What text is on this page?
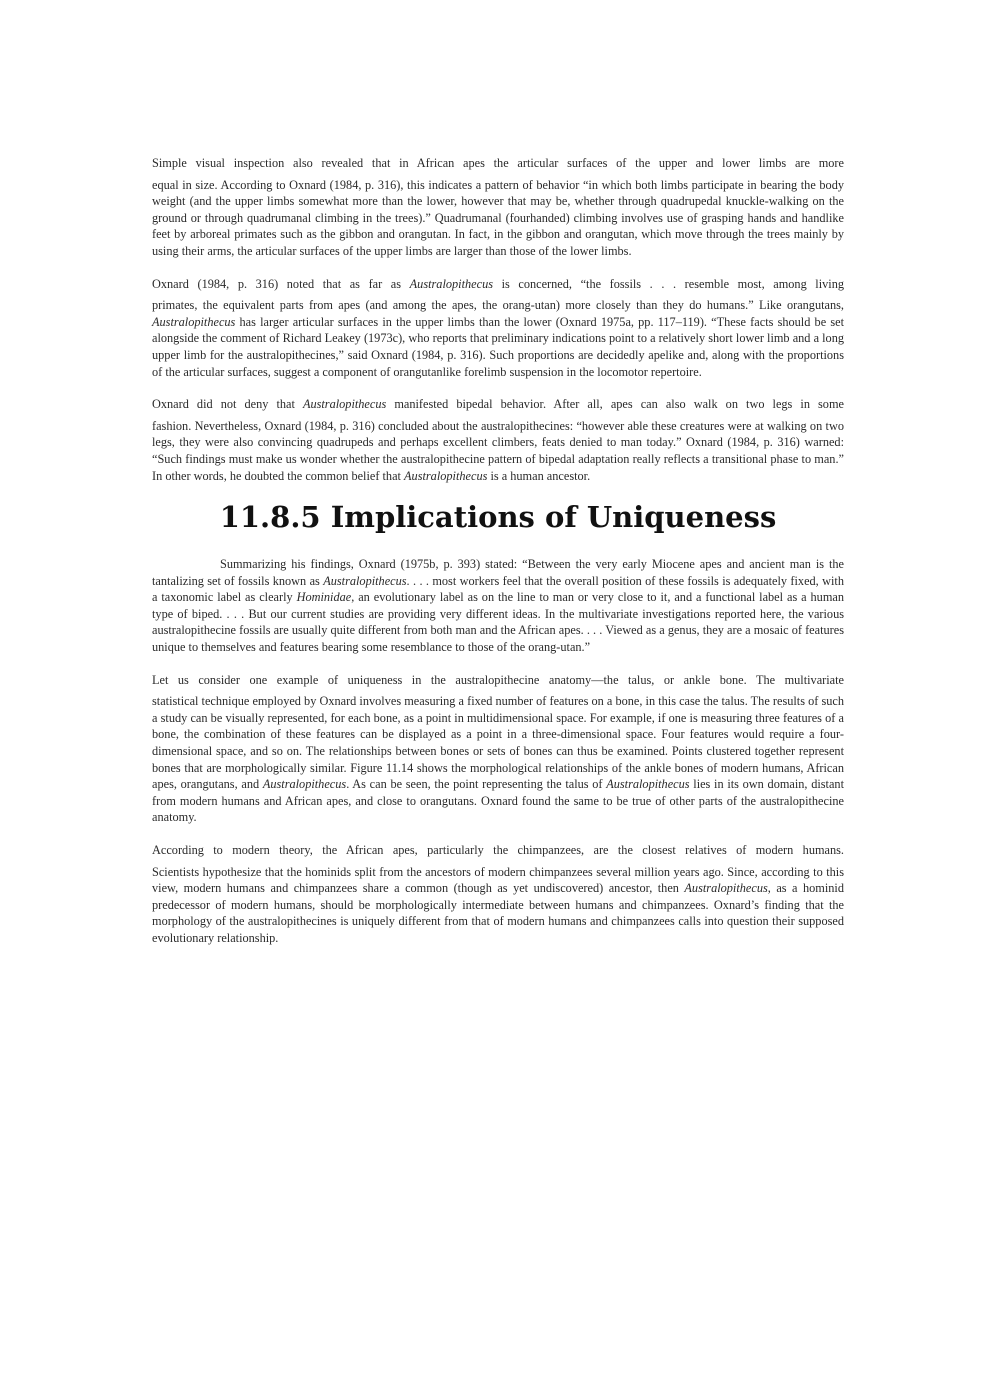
Simple visual inspection also revealed that in African apes the articular surfaces of the upper and lower limbs are more
equal in size. According to Oxnard (1984, p. 316), this indicates a pattern of behavior “in which both limbs participate in bearing the body weight (and the upper limbs somewhat more than the lower, however that may be, whether through quadrupedal knuckle-walking on the ground or through quadrumanal climbing in the trees).” Quadrumanal (fourhanded) climbing involves use of grasping hands and handlike feet by arboreal primates such as the gibbon and orangutan. In fact, in the gibbon and orangutan, which move through the trees mainly by using their arms, the articular surfaces of the upper limbs are larger than those of the lower limbs.

Oxnard (1984, p. 316) noted that as far as Australopithecus is concerned, “the fossils . . . resemble most, among living
primates, the equivalent parts from apes (and among the apes, the orang-utan) more closely than they do humans.” Like orangutans, Australopithecus has larger articular surfaces in the upper limbs than the lower (Oxnard 1975a, pp. 117–119). “These facts should be set alongside the comment of Richard Leakey (1973c), who reports that preliminary indications point to a relatively short lower limb and a long upper limb for the australopithecines,” said Oxnard (1984, p. 316). Such proportions are decidedly apelike and, along with the proportions of the articular surfaces, suggest a component of orangutanlike forelimb suspension in the locomotor repertoire.

Oxnard did not deny that Australopithecus manifested bipedal behavior. After all, apes can also walk on two legs in some
fashion. Nevertheless, Oxnard (1984, p. 316) concluded about the australopithecines: “however able these creatures were at walking on two legs, they were also convincing quadrupeds and perhaps excellent climbers, feats denied to man today.” Oxnard (1984, p. 316) warned: “Such findings must make us wonder whether the australopithecine pattern of bipedal adaptation really reflects a transitional phase to man.” In other words, he doubted the common belief that Australopithecus is a human ancestor.

11.8.5 Implications of Uniqueness

Summarizing his findings, Oxnard (1975b, p. 393) stated: “Between the very early Miocene apes and ancient man is the tantalizing set of fossils known as Australopithecus. . . . most workers feel that the overall position of these fossils is adequately fixed, with a taxonomic label as clearly Hominidae, an evolutionary label as on the line to man or very close to it, and a functional label as a human type of biped. . . . But our current studies are providing very different ideas. In the multivariate investigations reported here, the various australopithecine fossils are usually quite different from both man and the African apes. . . . Viewed as a genus, they are a mosaic of features unique to themselves and features bearing some resemblance to those of the orang-utan.”

Let us consider one example of uniqueness in the australopithecine anatomy—the talus, or ankle bone. The multivariate
statistical technique employed by Oxnard involves measuring a fixed number of features on a bone, in this case the talus. The results of such a study can be visually represented, for each bone, as a point in multidimensional space. For example, if one is measuring three features of a bone, the combination of these features can be displayed as a point in a three-dimensional space. Four features would require a four-dimensional space, and so on. The relationships between bones or sets of bones can thus be examined. Points clustered together represent bones that are morphologically similar. Figure 11.14 shows the morphological relationships of the ankle bones of modern humans, African apes, orangutans, and Australopithecus. As can be seen, the point representing the talus of Australopithecus lies in its own domain, distant from modern humans and African apes, and close to orangutans. Oxnard found the same to be true of other parts of the australopithecine anatomy.

According to modern theory, the African apes, particularly the chimpanzees, are the closest relatives of modern humans.
Scientists hypothesize that the hominids split from the ancestors of modern chimpanzees several million years ago. Since, according to this view, modern humans and chimpanzees share a common (though as yet undiscovered) ancestor, then Australopithecus, as a hominid predecessor of modern humans, should be morphologically intermediate between humans and chimpanzees. Oxnard’s finding that the morphology of the australopithecines is uniquely different from that of modern humans and chimpanzees calls into question their supposed evolutionary relationship.
